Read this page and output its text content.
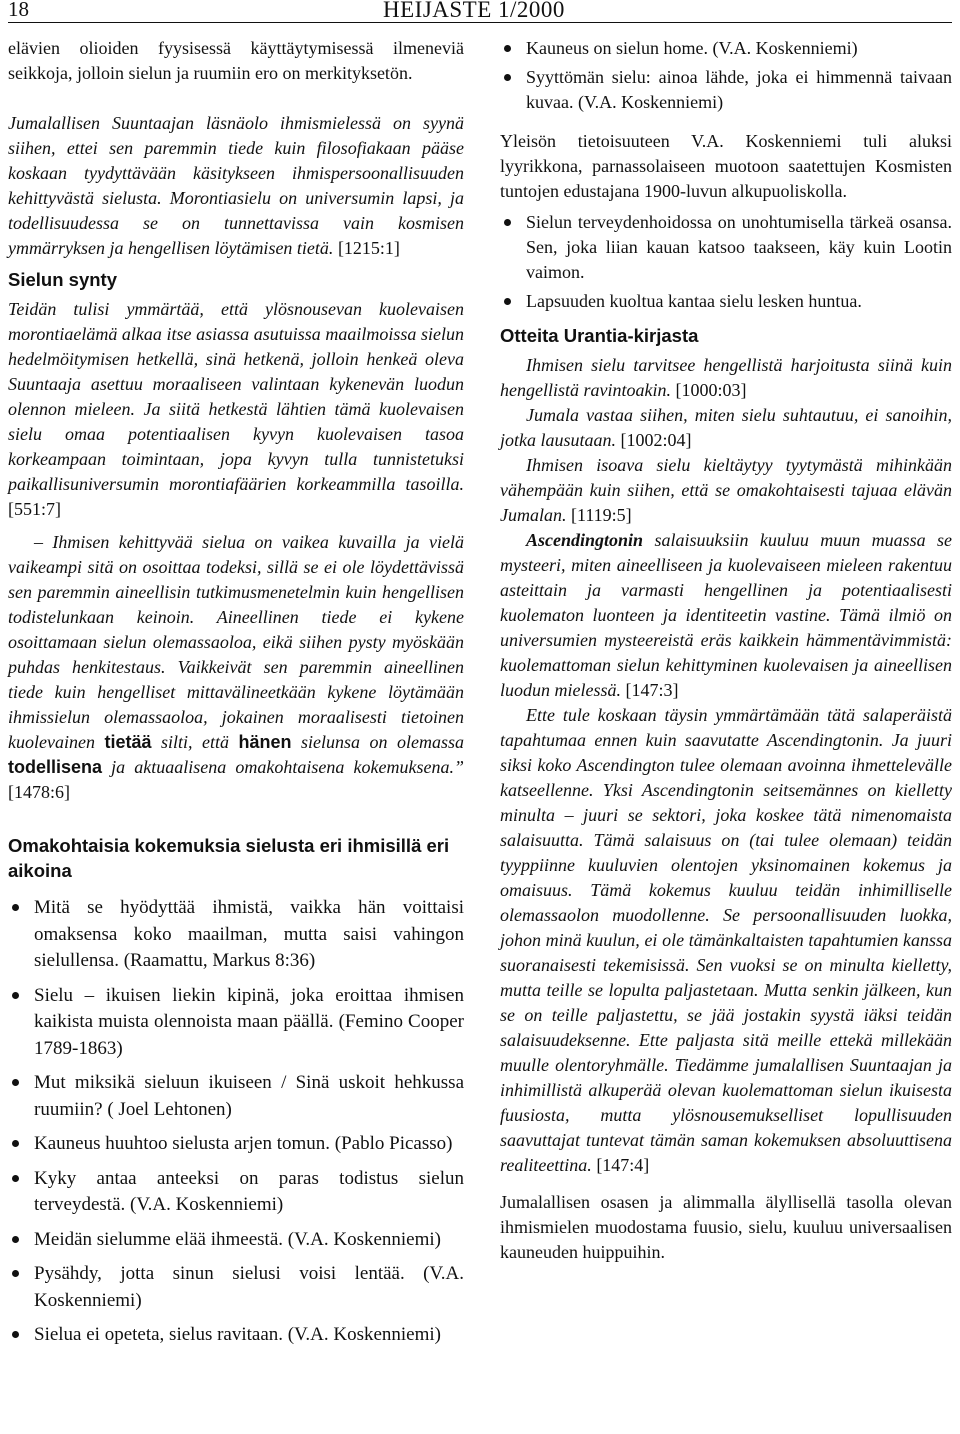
18	HEIJASTE 1/2000

elävien olioiden fyysisessä käyttäytymisessä ilmeneviä seikkoja, jolloin sielun ja ruumiin ero on merkityksetön.

Jumalallisen Suuntaajan läsnäolo ihmismielessä on syynä siihen, ettei sen paremmin tiede kuin filosofiakaan pääse koskaan tyydyttävään käsitykseen ihmispersoonallisuuden kehittyvästä sielusta. Morontiasielu on universumin lapsi, ja todellisuudessa se on tunnettavissa vain kosmisen ymmärryksen ja hengellisen löytämisen tietä. [1215:1]

Sielun synty

Teidän tulisi ymmärtää, että ylösnousevan kuolevaisen morontiaelämä alkaa itse asiassa asutuissa maailmoissa sielun hedelmöitymisen hetkellä, sinä hetkenä, jolloin henkeä oleva Suuntaaja asettuu moraaliseen valintaan kykenevän luodun olennon mieleen. Ja siitä hetkestä lähtien tämä kuolevaisen sielu omaa potentiaalisen kyvyn kuolevaisen tasoa korkeampaan toimintaan, jopa kyvyn tulla tunnistetuksi paikallisuniversumin morontiafäärien korkeammilla tasoilla. [551:7]

– Ihmisen kehittyvää sielua on vaikea kuvailla ja vielä vaikeampi sitä on osoittaa todeksi, sillä se ei ole löydettävissä sen paremmin aineellisin tutkimusmenetelmin kuin hengellisen todistelunkaan keinoin. Aineellinen tiede ei kykene osoittamaan sielun olemassaoloa, eikä siihen pysty myöskään puhdas henkitestaus. Vaikkeivät sen paremmin aineellinen tiede kuin hengelliset mittavälineetkään kykene löytämään ihmissielun olemassaoloa, jokainen moraalisesti tietoinen kuolevainen tietää silti, että hänen sielunsa on olemassa todellisena ja aktuaalisena omakohtaisena kokemuksena.” [1478:6]

Omakohtaisia kokemuksia sielusta eri ihmisillä eri aikoina
Mitä se hyödyttää ihmistä, vaikka hän voittaisi omaksensa koko maailman, mutta saisi vahingon sielullensa. (Raamattu, Markus 8:36)
Sielu – ikuisen liekin kipinä, joka eroittaa ihmisen kaikista muista olennoista maan päällä. (Femino Cooper 1789-1863)
Mut miksikä sieluun ikuiseen / Sinä uskoit hehkussa ruumiin? ( Joel Lehtonen)
Kauneus huuhtoo sielusta arjen tomun. (Pablo Picasso)
Kyky antaa anteeksi on paras todistus sielun terveydestä. (V.A. Koskenniemi)
Meidän sielumme elää ihmeestä. (V.A. Koskenniemi)
Pysähdy, jotta sinun sielusi voisi lentää. (V.A. Koskenniemi)
Sielua ei opeteta, sielus ravitaan. (V.A. Koskenniemi)
Kauneus on sielun home. (V.A. Koskenniemi)
Syyttömän sielu: ainoa lähde, joka ei himmennä taivaan kuvaa. (V.A. Koskenniemi)

Yleisön tietoisuuteen V.A. Koskenniemi tuli aluksi lyyrikkona, parnassolaiseen muotoon saatettujen Kosmisten tuntojen edustajana 1900-luvun alkupuoliskolla.

Sielun terveydenhoidossa on unohtumisella tärkeä osansa. Sen, joka liian kauan katsoo taakseen, käy kuin Lootin vaimon.
Lapsuuden kuoltua kantaa sielu lesken huntua.
Otteita Urantia-kirjasta

Ihmisen sielu tarvitsee hengellistä harjoitusta siinä kuin hengellistä ravintoakin. [1000:03]

Jumala vastaa siihen, miten sielu suhtautuu, ei sanoihin, jotka lausutaan. [1002:04]

Ihmisen isoava sielu kieltäytyy tyytymästä mihinkään vähempään kuin siihen, että se omakohtaisesti tajuaa elävän Jumalan. [1119:5]

Ascendingtonin salaisuuksiin kuuluu muun muassa se mysteeri, miten aineelliseen ja kuolevaiseen mieleen rakentuu asteittain ja varmasti hengellinen ja potentiaalisesti kuolematon luonteen ja identiteetin vastine. Tämä ilmiö on universumien mysteereistä eräs kaikkein hämmentävimmistä: kuolemattoman sielun kehittyminen kuolevaisen ja aineellisen luodun mielessä. [147:3]

Ette tule koskaan täysin ymmärtämään tätä salaperäistä tapahtumaa ennen kuin saavutatte Ascendingtonin. Ja juuri siksi koko Ascendington tulee olemaan avoinna ihmettelevälle katseellenne. Yksi Ascendingtonin seitsemännes on kielletty minulta – juuri se sektori, joka koskee tätä nimenomaista salaisuutta. Tämä salaisuus on (tai tulee olemaan) teidän tyyppiinne kuuluvien olentojen yksinomainen kokemus ja omaisuus. Tämä kokemus kuuluu teidän inhimilliselle olemassaolon muodollenne. Se persoonallisuuden luokka, johon minä kuulun, ei ole tämänkaltaisten tapahtumien kanssa suoranaisesti tekemisissä. Sen vuoksi se on minulta kielletty, mutta teille se lopulta paljastetaan. Mutta senkin jälkeen, kun se on teille paljastettu, se jää jostakin syystä iäksi teidän salaisuudeksenne. Ette paljasta sitä meille ettekä millekään muulle olentoryhmälle. Tiedämme jumalallisen Suuntaajan ja inhimillistä alkuperää olevan kuolemattoman sielun ikuisesta fuusiosta, mutta ylösnousemukselliset lopullisuuden saavuttajat tuntevat tämän saman kokemuksen absoluuttisena realiteettina. [147:4]

Jumalallisen osasen ja alimmalla älyllisellä tasolla olevan ihmismielen muodostama fuusio, sielu, kuuluu universaalisen kauneuden huippuihin.
